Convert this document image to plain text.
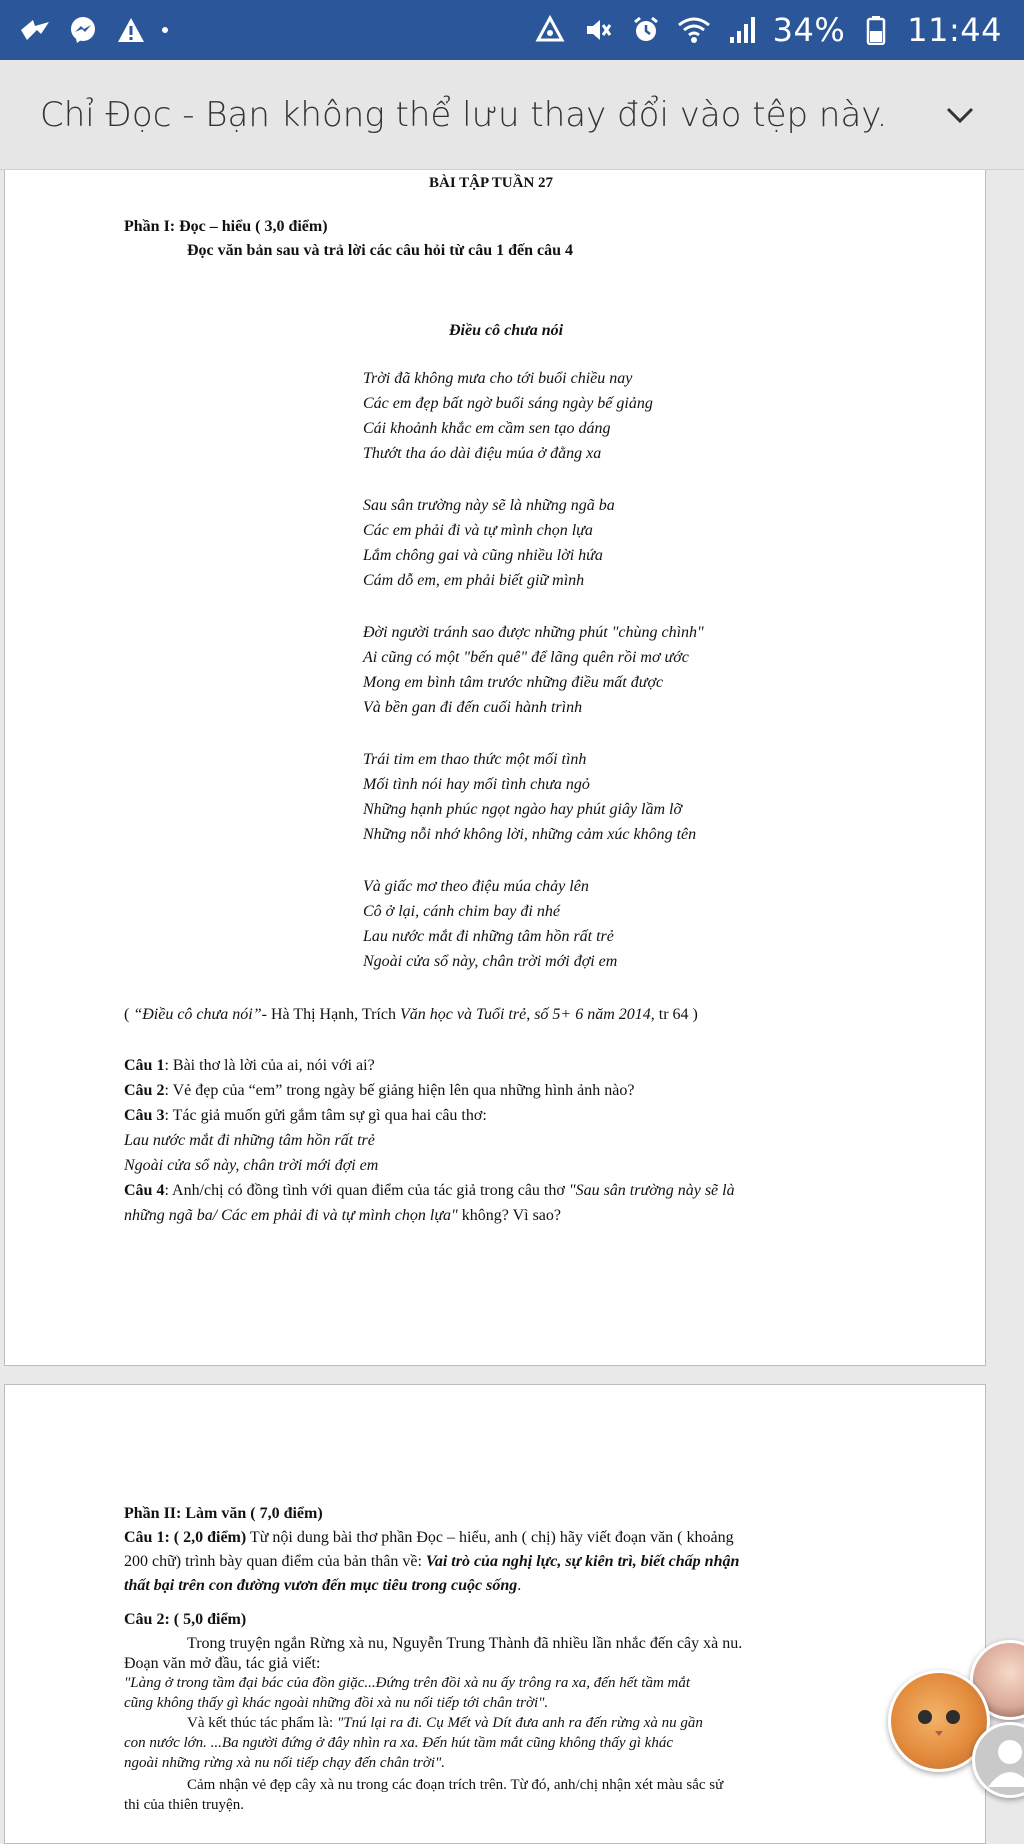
34% 11:44
Chỉ Đọc - Bạn không thể lưu thay đổi vào tệp này.
BÀI TẬP TUẦN 27
Phần I: Đọc – hiểu ( 3,0 điểm)
Đọc văn bản sau và trả lời các câu hỏi từ câu 1 đến câu 4
Điều cô chưa nói
Trời đã không mưa cho tới buổi chiều nay
Các em đẹp bất ngờ buổi sáng ngày bế giảng
Cái khoảnh khắc em cầm sen tạo dáng
Thướt tha áo dài điệu múa ở đằng xa
Sau sân trường này sẽ là những ngã ba
Các em phải đi và tự mình chọn lựa
Lắm chông gai và cũng nhiều lời hứa
Cám dỗ em, em phải biết giữ mình
Đời người tránh sao được những phút "chùng chình"
Ai cũng có một "bến quê" để lãng quên rồi mơ ước
Mong em bình tâm trước những điều mất được
Và bền gan đi đến cuối hành trình
Trái tim em thao thức một mối tình
Mối tình nói hay mối tình chưa ngỏ
Những hạnh phúc ngọt ngào hay phút giây lầm lỡ
Những nỗi nhớ không lời, những cảm xúc không tên
Và giấc mơ theo điệu múa chảy lên
Cô ở lại, cánh chim bay đi nhé
Lau nước mắt đi những tâm hồn rất trẻ
Ngoài cửa sổ này, chân trời mới đợi em
( “Điều cô chưa nói”- Hà Thị Hạnh, Trích Văn học và Tuổi trẻ, số 5+ 6 năm 2014, tr 64 )
Câu 1: Bài thơ là lời của ai, nói với ai?
Câu 2: Vẻ đẹp của “em” trong ngày bế giảng hiện lên qua những hình ảnh nào?
Câu 3: Tác giả muốn gửi gắm tâm sự gì qua hai câu thơ:
Lau nước mắt đi những tâm hồn rất trẻ
Ngoài cửa sổ này, chân trời mới đợi em
Câu 4: Anh/chị có đồng tình với quan điểm của tác giả trong câu thơ "Sau sân trường này sẽ là
những ngã ba/ Các em phải đi và tự mình chọn lựa" không? Vì sao?
Phần II: Làm văn ( 7,0 điểm)
Câu 1: ( 2,0 điểm) Từ nội dung bài thơ phần Đọc – hiểu, anh ( chị) hãy viết đoạn văn ( khoảng
200 chữ) trình bày quan điểm của bản thân về: Vai trò của nghị lực, sự kiên trì, biết chấp nhận
thất bại trên con đường vươn đến mục tiêu trong cuộc sống.
Câu 2: ( 5,0 điểm)
Trong truyện ngắn Rừng xà nu, Nguyễn Trung Thành đã nhiều lần nhắc đến cây xà nu.
Đoạn văn mở đầu, tác giả viết:
"Làng ở trong tầm đại bác của đồn giặc...Đứng trên đồi xà nu ấy trông ra xa, đến hết tầm mắt
cũng không thấy gì khác ngoài những đồi xà nu nối tiếp tới chân trời".
Và kết thúc tác phẩm là: "Tnú lại ra đi. Cụ Mết và Dít đưa anh ra đến rừng xà nu gần
con nước lớn. ...Ba người đứng ở đây nhìn ra xa. Đến hút tầm mắt cũng không thấy gì khác
ngoài những rừng xà nu nối tiếp chạy đến chân trời".
Cảm nhận vẻ đẹp cây xà nu trong các đoạn trích trên. Từ đó, anh/chị nhận xét màu sắc sử
thi của thiên truyện.
